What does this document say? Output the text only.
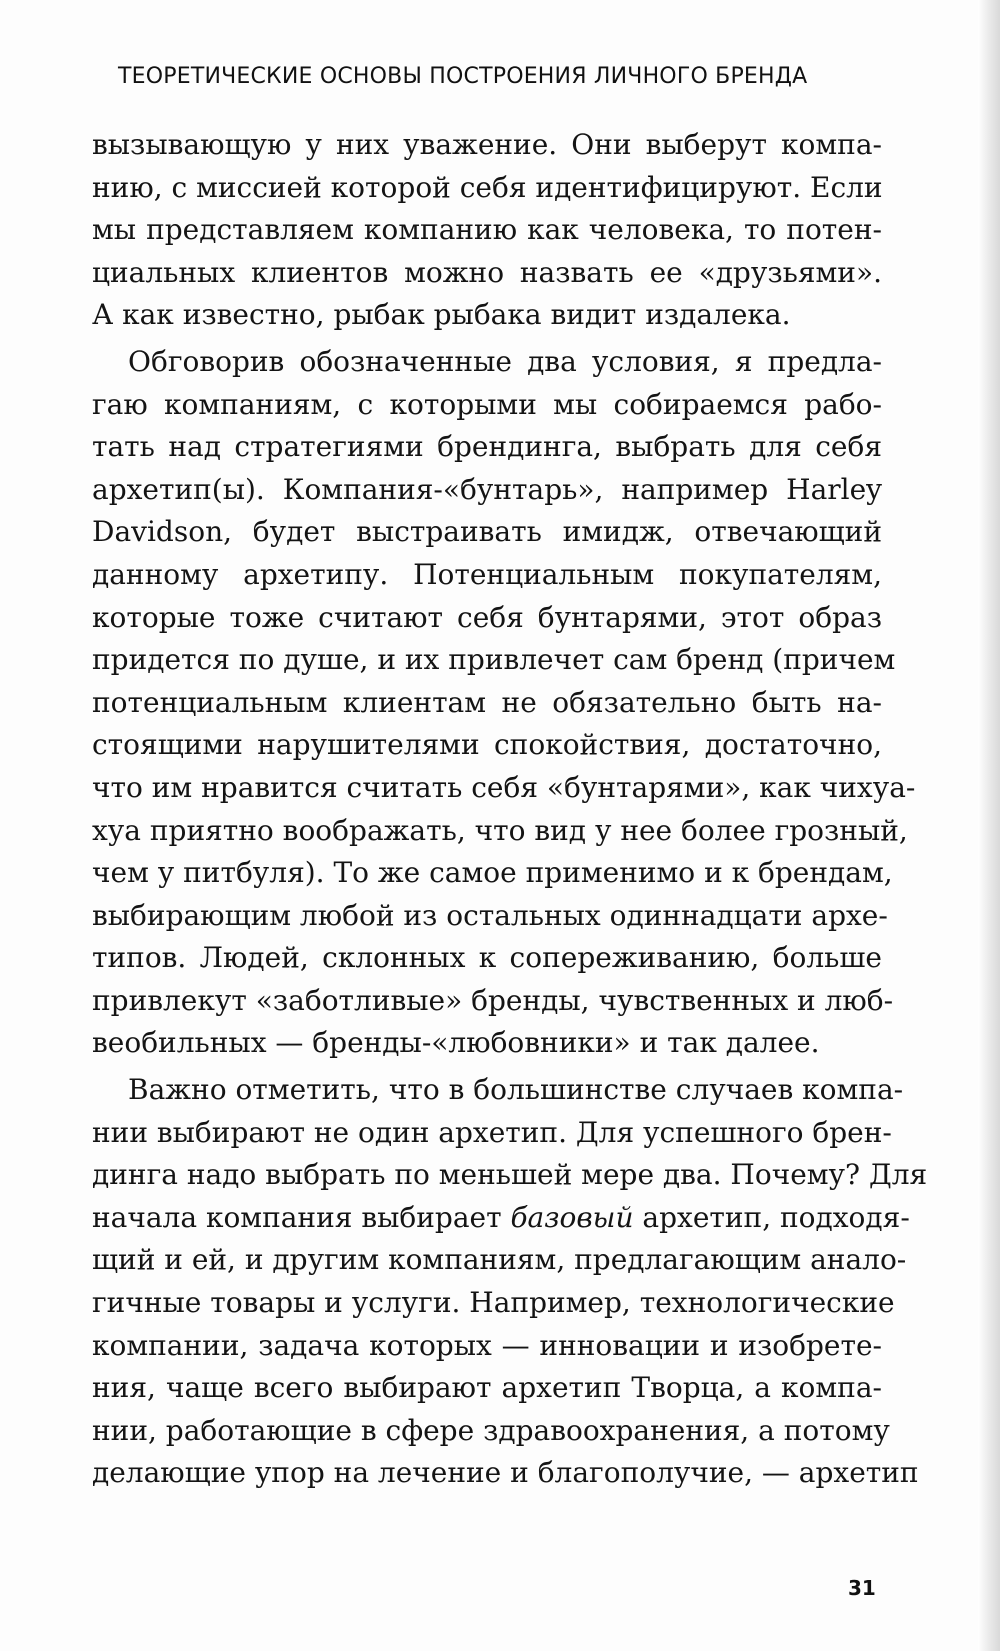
ТЕОРЕТИЧЕСКИЕ ОСНОВЫ ПОСТРОЕНИЯ ЛИЧНОГО БРЕНДА
вызывающую у них уважение. Они выберут компа-
нию, с миссией которой себя идентифицируют. Если
мы представляем компанию как человека, то потен-
циальных клиентов можно назвать ее «друзьями».
А как известно, рыбак рыбака видит издалека.
Обговорив обозначенные два условия, я предла-
гаю компаниям, с которыми мы собираемся рабо-
тать над стратегиями брендинга, выбрать для себя
архетип(ы). Компания-«бунтарь», например Harley
Davidson, будет выстраивать имидж, отвечающий
данному архетипу. Потенциальным покупателям,
которые тоже считают себя бунтарями, этот образ
придется по душе, и их привлечет сам бренд (причем
потенциальным клиентам не обязательно быть на-
стоящими нарушителями спокойствия, достаточно,
что им нравится считать себя «бунтарями», как чихуа-
хуа приятно воображать, что вид у нее более грозный,
чем у питбуля). То же самое применимо и к брендам,
выбирающим любой из остальных одиннадцати архе-
типов. Людей, склонных к сопереживанию, больше
привлекут «заботливые» бренды, чувственных и люб-
веобильных — бренды-«любовники» и так далее.
Важно отметить, что в большинстве случаев компа-
нии выбирают не один архетип. Для успешного брен-
динга надо выбрать по меньшей мере два. Почему? Для
начала компания выбирает базовый архетип, подходя-
щий и ей, и другим компаниям, предлагающим анало-
гичные товары и услуги. Например, технологические
компании, задача которых — инновации и изобрете-
ния, чаще всего выбирают архетип Творца, а компа-
нии, работающие в сфере здравоохранения, а потому
делающие упор на лечение и благополучие, — архетип
31
